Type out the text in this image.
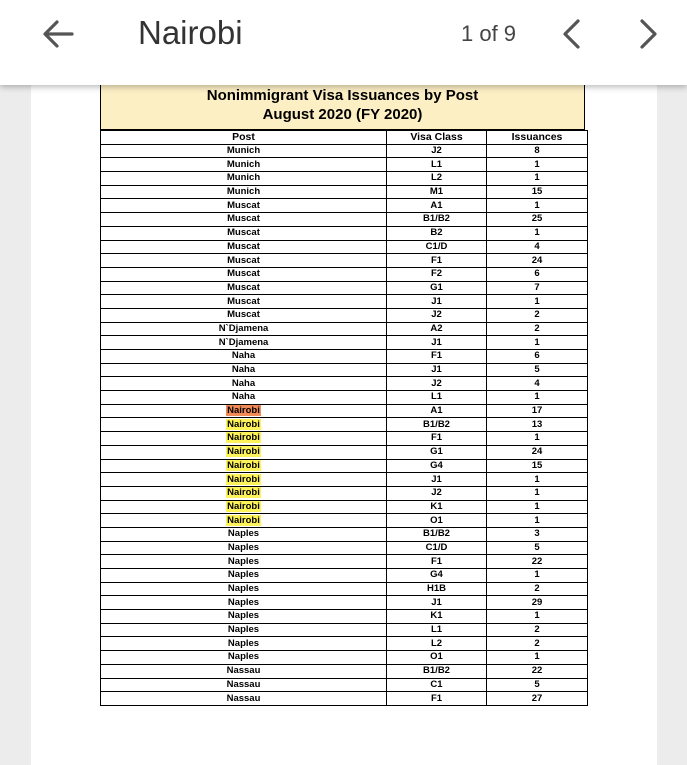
Nairobi	1 of 9
Nonimmigrant Visa Issuances by Post
August 2020 (FY 2020)
Post	Visa Class	Issuances
Munich	J2	8
Munich	L1	1
Munich	L2	1
Munich	M1	15
Muscat	A1	1
Muscat	B1/B2	25
Muscat	B2	1
Muscat	C1/D	4
Muscat	F1	24
Muscat	F2	6
Muscat	G1	7
Muscat	J1	1
Muscat	J2	2
N`Djamena	A2	2
N`Djamena	J1	1
Naha	F1	6
Naha	J1	5
Naha	J2	4
Naha	L1	1
Nairobi	A1	17
Nairobi	B1/B2	13
Nairobi	F1	1
Nairobi	G1	24
Nairobi	G4	15
Nairobi	J1	1
Nairobi	J2	1
Nairobi	K1	1
Nairobi	O1	1
Naples	B1/B2	3
Naples	C1/D	5
Naples	F1	22
Naples	G4	1
Naples	H1B	2
Naples	J1	29
Naples	K1	1
Naples	L1	2
Naples	L2	2
Naples	O1	1
Nassau	B1/B2	22
Nassau	C1	5
Nassau	F1	27
